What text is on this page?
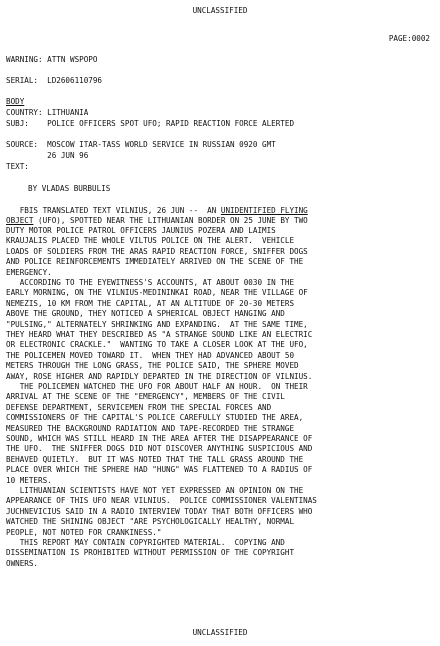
UNCLASSIFIED
PAGE:0002
WARNING: ATTN WSPOPO
SERIAL:  LD2606110796
BODY
COUNTRY: LITHUANIA
SUBJ:    POLICE OFFICERS SPOT UFO; RAPID REACTION FORCE ALERTED
SOURCE:  MOSCOW ITAR-TASS WORLD SERVICE IN RUSSIAN 0920 GMT
26 JUN 96
TEXT:
BY VLADAS BURBULIS
FBIS TRANSLATED TEXT VILNIUS, 26 JUN --  AN UNIDENTIFIED FLYING
OBJECT (UFO), SPOTTED NEAR THE LITHUANIAN BORDER ON 25 JUNE BY TWO
DUTY MOTOR POLICE PATROL OFFICERS JAUNIUS POZERA AND LAIMIS
KRAUJALIS PLACED THE WHOLE VILTUS POLICE ON THE ALERT.  VEHICLE
LOADS OF SOLDIERS FROM THE ARAS RAPID REACTION FORCE, SNIFFER DOGS
AND POLICE REINFORCEMENTS IMMEDIATELY ARRIVED ON THE SCENE OF THE
EMERGENCY.
ACCORDING TO THE EYEWITNESS'S ACCOUNTS, AT ABOUT 0030 IN THE
EARLY MORNING, ON THE VILNIUS-MEDININKAI ROAD, NEAR THE VILLAGE OF
NEMEZIS, 10 KM FROM THE CAPITAL, AT AN ALTITUDE OF 20-30 METERS
ABOVE THE GROUND, THEY NOTICED A SPHERICAL OBJECT HANGING AND
"PULSING," ALTERNATELY SHRINKING AND EXPANDING.  AT THE SAME TIME,
THEY HEARD WHAT THEY DESCRIBED AS "A STRANGE SOUND LIKE AN ELECTRIC
OR ELECTRONIC CRACKLE."  WANTING TO TAKE A CLOSER LOOK AT THE UFO,
THE POLICEMEN MOVED TOWARD IT.  WHEN THEY HAD ADVANCED ABOUT 50
METERS THROUGH THE LONG GRASS, THE POLICE SAID, THE SPHERE MOVED
AWAY, ROSE HIGHER AND RAPIDLY DEPARTED IN THE DIRECTION OF VILNIUS.
THE POLICEMEN WATCHED THE UFO FOR ABOUT HALF AN HOUR.  ON THEIR
ARRIVAL AT THE SCENE OF THE "EMERGENCY", MEMBERS OF THE CIVIL
DEFENSE DEPARTMENT, SERVICEMEN FROM THE SPECIAL FORCES AND
COMMISSIONERS OF THE CAPITAL'S POLICE CAREFULLY STUDIED THE AREA,
MEASURED THE BACKGROUND RADIATION AND TAPE-RECORDED THE STRANGE
SOUND, WHICH WAS STILL HEARD IN THE AREA AFTER THE DISAPPEARANCE OF
THE UFO.  THE SNIFFER DOGS DID NOT DISCOVER ANYTHING SUSPICIOUS AND
BEHAVED QUIETLY.  BUT IT WAS NOTED THAT THE TALL GRASS AROUND THE
PLACE OVER WHICH THE SPHERE HAD "HUNG" WAS FLATTENED TO A RADIUS OF
10 METERS.
LITHUANIAN SCIENTISTS HAVE NOT YET EXPRESSED AN OPINION ON THE
APPEARANCE OF THIS UFO NEAR VILNIUS.  POLICE COMMISSIONER VALENTINAS
JUCHNEVICIUS SAID IN A RADIO INTERVIEW TODAY THAT BOTH OFFICERS WHO
WATCHED THE SHINING OBJECT "ARE PSYCHOLOGICALLY HEALTHY, NORMAL
PEOPLE, NOT NOTED FOR CRANKINESS."
THIS REPORT MAY CONTAIN COPYRIGHTED MATERIAL.  COPYING AND
DISSEMINATION IS PROHIBITED WITHOUT PERMISSION OF THE COPYRIGHT
OWNERS.
UNCLASSIFIED
